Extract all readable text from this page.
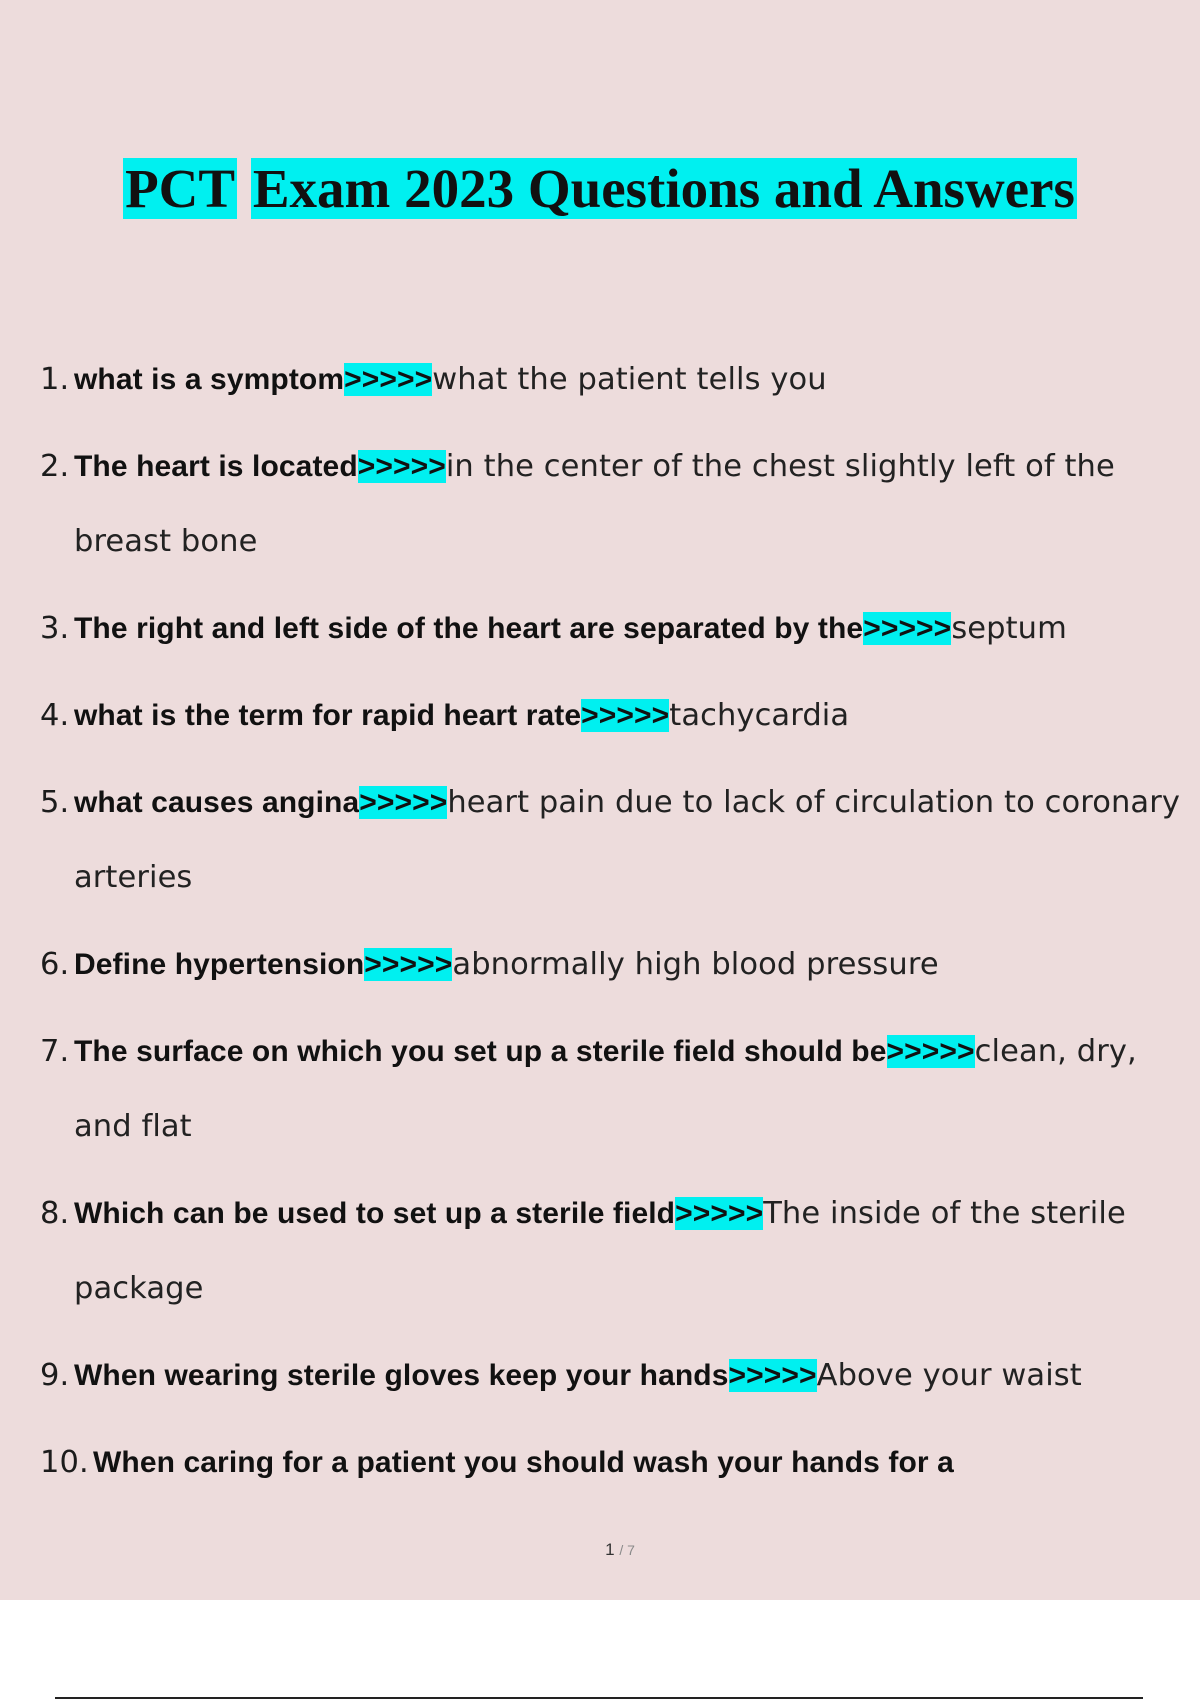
PCT Exam 2023 Questions and Answers
1. what is a symptom>>>>>what the patient tells you
2. The heart is located>>>>>in the center of the chest slightly left of the breast bone
3. The right and left side of the heart are separated by the>>>>>septum
4. what is the term for rapid heart rate>>>>>tachycardia
5. what causes angina>>>>>heart pain due to lack of circulation to coronary arteries
6. Define hypertension>>>>>abnormally high blood pressure
7. The surface on which you set up a sterile field should be>>>>>clean, dry, and flat
8. Which can be used to set up a sterile field>>>>>The inside of the sterile package
9. When wearing sterile gloves keep your hands>>>>>Above your waist
10. When caring for a patient you should wash your hands for a
1 / 7
